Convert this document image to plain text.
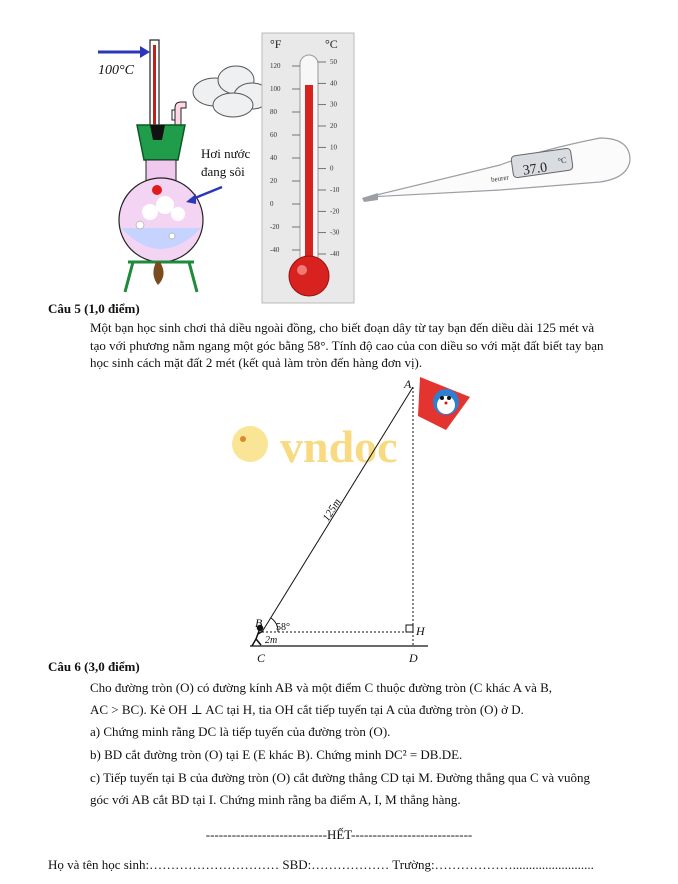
100°C
Hơi nước
đang sôi
°F	°C
120
100
80
60
40
20
0
-20
-40
50
40
30
20
10
0
-10
-20
-30
-40
37.0 °C
beurer
Câu 5 (1,0 điểm)
Một bạn học sinh chơi thả diều ngoài đồng, cho biết đoạn dây từ tay bạn đến diều dài 125 mét và
tạo với phương nằm ngang một góc bằng 58°. Tính độ cao của con diều so với mặt đất biết tay bạn
học sinh cách mặt đất 2 mét (kết quả làm tròn đến hàng đơn vị).
vndoc
A
B
H
C	D
58°
2m
125m
Câu 6 (3,0 điểm)
Cho đường tròn (O) có đường kính AB và một điểm C thuộc đường tròn (C khác A và B,
AC > BC). Kẻ OH ⊥ AC tại H, tia OH cắt tiếp tuyến tại A của đường tròn (O) ở D.
a) Chứng minh rằng DC là tiếp tuyến của đường tròn (O).
b) BD cắt đường tròn (O) tại E (E khác B). Chứng minh DC² = DB.DE.
c) Tiếp tuyến tại B của đường tròn (O) cắt đường thẳng CD tại M. Đường thẳng qua C và vuông
góc với AB cắt BD tại I. Chứng minh rằng ba điểm A, I, M thẳng hàng.
----------------------------HẾT----------------------------
Họ và tên học sinh:………………………… SBD:……………… Trường:……………….........................
